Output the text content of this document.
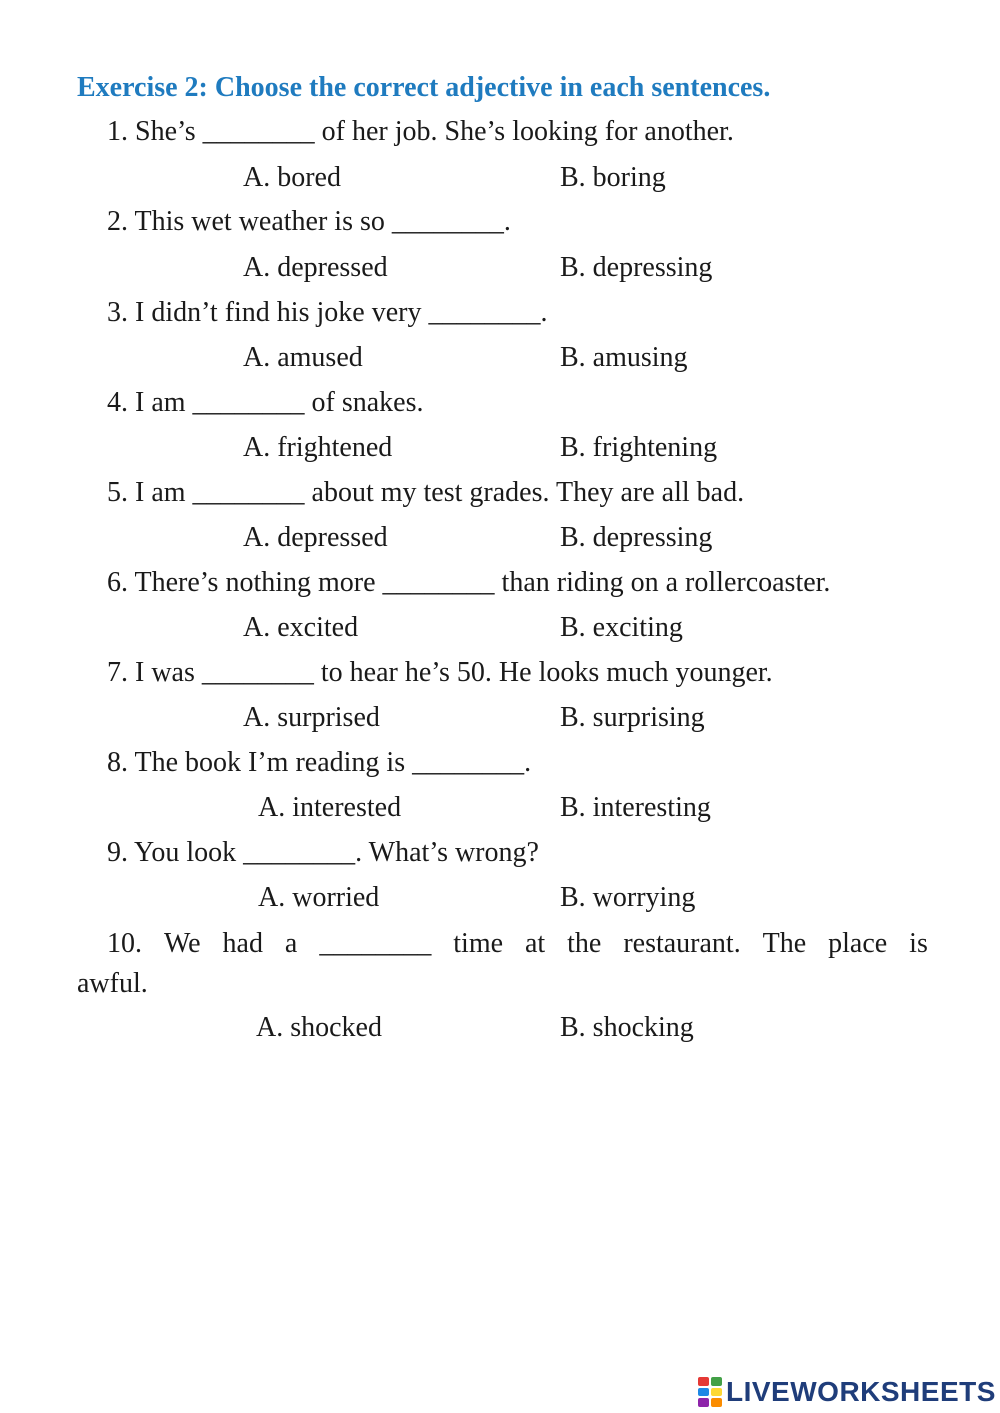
Exercise 2: Choose the correct adjective in each sentences.
1. She’s ________ of her job. She’s looking for another.
A. bored	B. boring
2. This wet weather is so ________.
A. depressed	B. depressing
3. I didn’t find his joke very ________.
A. amused	B. amusing
4. I am ________ of snakes.
A. frightened	B. frightening
5. I am ________ about my test grades. They are all bad.
A. depressed	B. depressing
6. There’s nothing more ________ than riding on a rollercoaster.
A. excited	B. exciting
7. I was ________ to hear he’s 50. He looks much younger.
A. surprised	B. surprising
8. The book I’m reading is ________.
A. interested	B. interesting
9. You look ________. What’s wrong?
A. worried	B. worrying
10. We had a ________ time at the restaurant. The place is
awful.
A. shocked	B. shocking
LIVEWORKSHEETS
